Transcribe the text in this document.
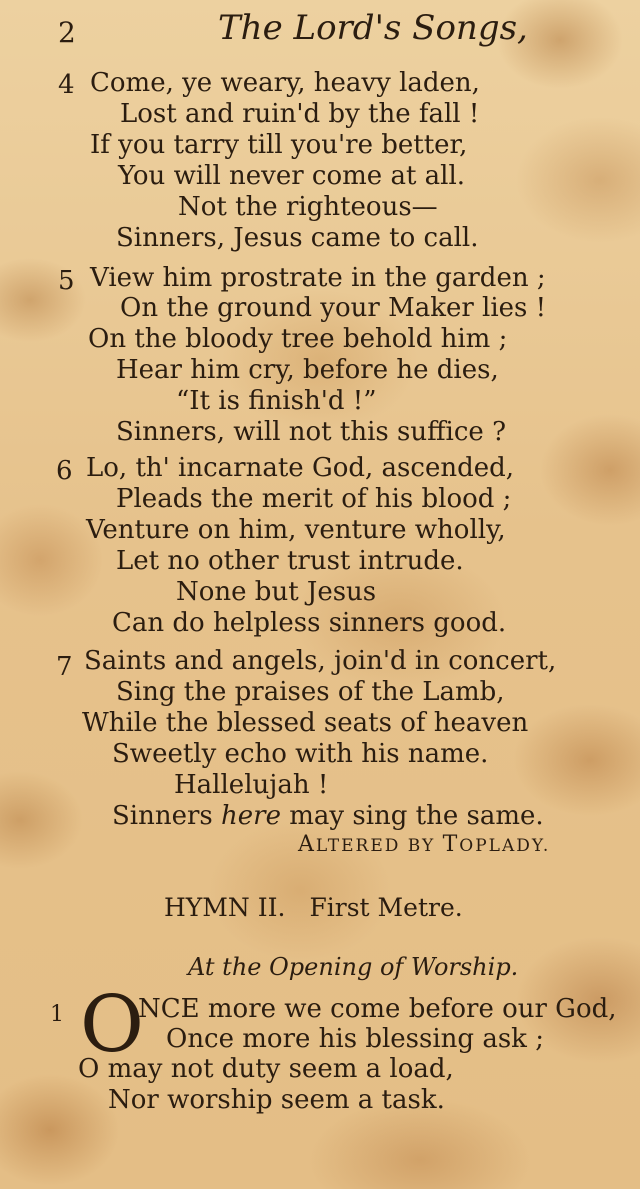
2	The Lord's Songs,
4 Come, ye weary, heavy laden,
Lost and ruin'd by the fall !
If you tarry till you're better,
You will never come at all.
Not the righteous—
Sinners, Jesus came to call.
5 View him prostrate in the garden ;
On the ground your Maker lies !
On the bloody tree behold him ;
Hear him cry, before he dies,
“It is finish'd !”
Sinners, will not this suffice ?
6 Lo, th' incarnate God, ascended,
Pleads the merit of his blood ;
Venture on him, venture wholly,
Let no other trust intrude.
None but Jesus
Can do helpless sinners good.
7 Saints and angels, join'd in concert,
Sing the praises of the Lamb,
While the blessed seats of heaven
Sweetly echo with his name.
Hallelujah !
Sinners here may sing the same.
ALTERED BY TOPLADY.
HYMN II. First Metre.
At the Opening of Worship.
1 O
NCE more we come before our God,
Once more his blessing ask ;
O may not duty seem a load,
Nor worship seem a task.
